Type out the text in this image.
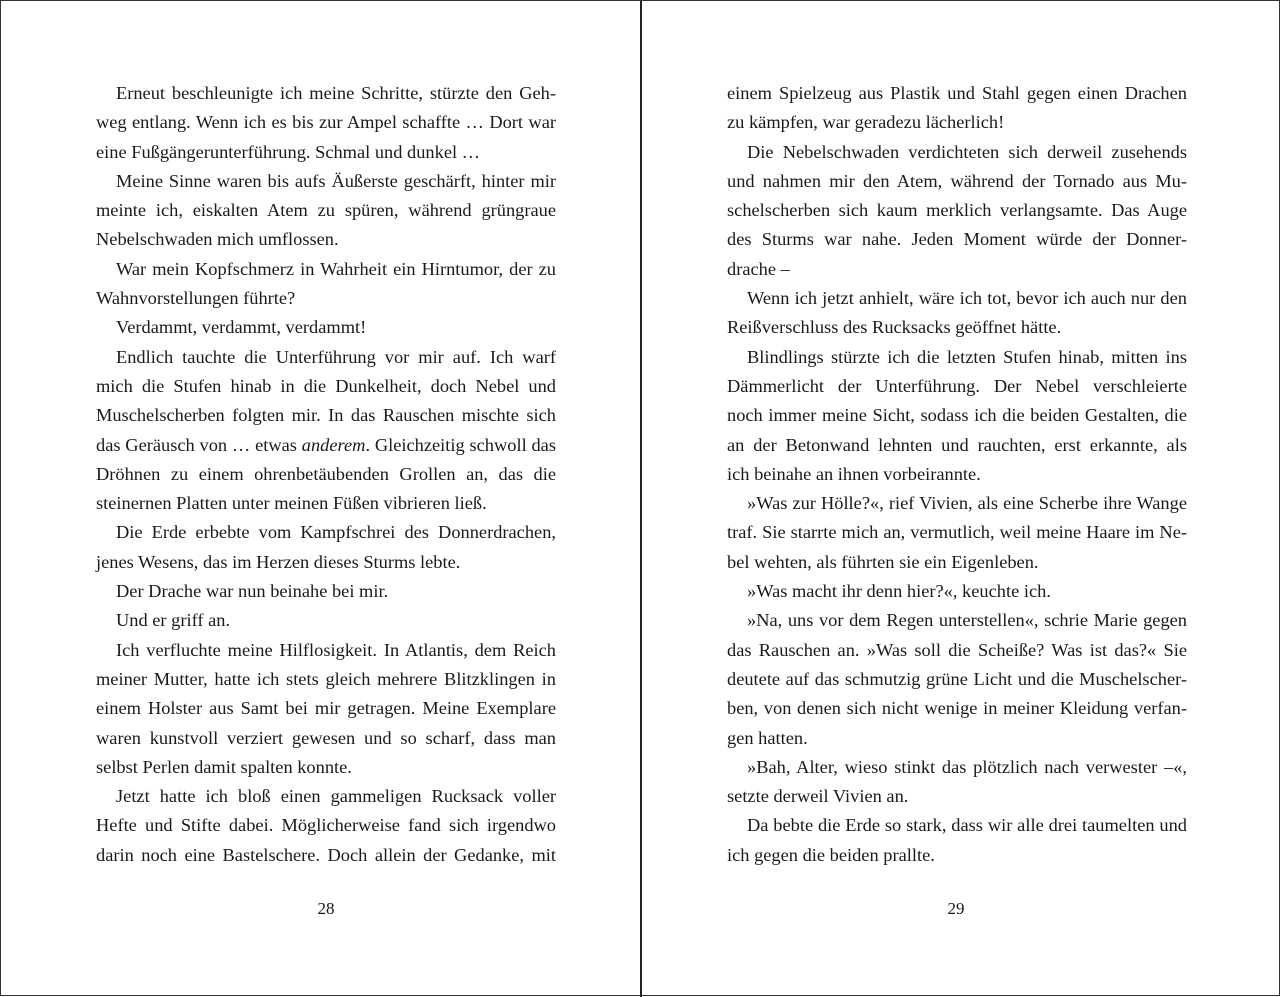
Erneut beschleunigte ich meine Schritte, stürzte den Geh-
weg entlang. Wenn ich es bis zur Ampel schaffte … Dort war
eine Fußgängerunterführung. Schmal und dunkel …

Meine Sinne waren bis aufs Äußerste geschärft, hinter mir
meinte ich, eiskalten Atem zu spüren, während grüngraue
Nebelschwaden mich umflossen.

War mein Kopfschmerz in Wahrheit ein Hirntumor, der zu
Wahnvorstellungen führte?

Verdammt, verdammt, verdammt!

Endlich tauchte die Unterführung vor mir auf. Ich warf
mich die Stufen hinab in die Dunkelheit, doch Nebel und
Muschelscherben folgten mir. In das Rauschen mischte sich
das Geräusch von … etwas anderem. Gleichzeitig schwoll das
Dröhnen zu einem ohrenbetäubenden Grollen an, das die
steinernen Platten unter meinen Füßen vibrieren ließ.

Die Erde erbebte vom Kampfschrei des Donnerdrachen,
jenes Wesens, das im Herzen dieses Sturms lebte.

Der Drache war nun beinahe bei mir.

Und er griff an.

Ich verfluchte meine Hilflosigkeit. In Atlantis, dem Reich
meiner Mutter, hatte ich stets gleich mehrere Blitzklingen in
einem Holster aus Samt bei mir getragen. Meine Exemplare
waren kunstvoll verziert gewesen und so scharf, dass man
selbst Perlen damit spalten konnte.

Jetzt hatte ich bloß einen gammeligen Rucksack voller
Hefte und Stifte dabei. Möglicherweise fand sich irgendwo
darin noch eine Bastelschere. Doch allein der Gedanke, mit

28

einem Spielzeug aus Plastik und Stahl gegen einen Drachen
zu kämpfen, war geradezu lächerlich!

Die Nebelschwaden verdichteten sich derweil zusehends
und nahmen mir den Atem, während der Tornado aus Mu-
schelscherben sich kaum merklich verlangsamte. Das Auge
des Sturms war nahe. Jeden Moment würde der Donner-
drache –

Wenn ich jetzt anhielt, wäre ich tot, bevor ich auch nur den
Reißverschluss des Rucksacks geöffnet hätte.

Blindlings stürzte ich die letzten Stufen hinab, mitten ins
Dämmerlicht der Unterführung. Der Nebel verschleierte
noch immer meine Sicht, sodass ich die beiden Gestalten, die
an der Betonwand lehnten und rauchten, erst erkannte, als
ich beinahe an ihnen vorbeirannte.

»Was zur Hölle?«, rief Vivien, als eine Scherbe ihre Wange
traf. Sie starrte mich an, vermutlich, weil meine Haare im Ne-
bel wehten, als führten sie ein Eigenleben.

»Was macht ihr denn hier?«, keuchte ich.

»Na, uns vor dem Regen unterstellen«, schrie Marie gegen
das Rauschen an. »Was soll die Scheiße? Was ist das?« Sie
deutete auf das schmutzig grüne Licht und die Muschelscher-
ben, von denen sich nicht wenige in meiner Kleidung verfan-
gen hatten.

»Bah, Alter, wieso stinkt das plötzlich nach verwester –«,
setzte derweil Vivien an.

Da bebte die Erde so stark, dass wir alle drei taumelten und
ich gegen die beiden prallte.

29
